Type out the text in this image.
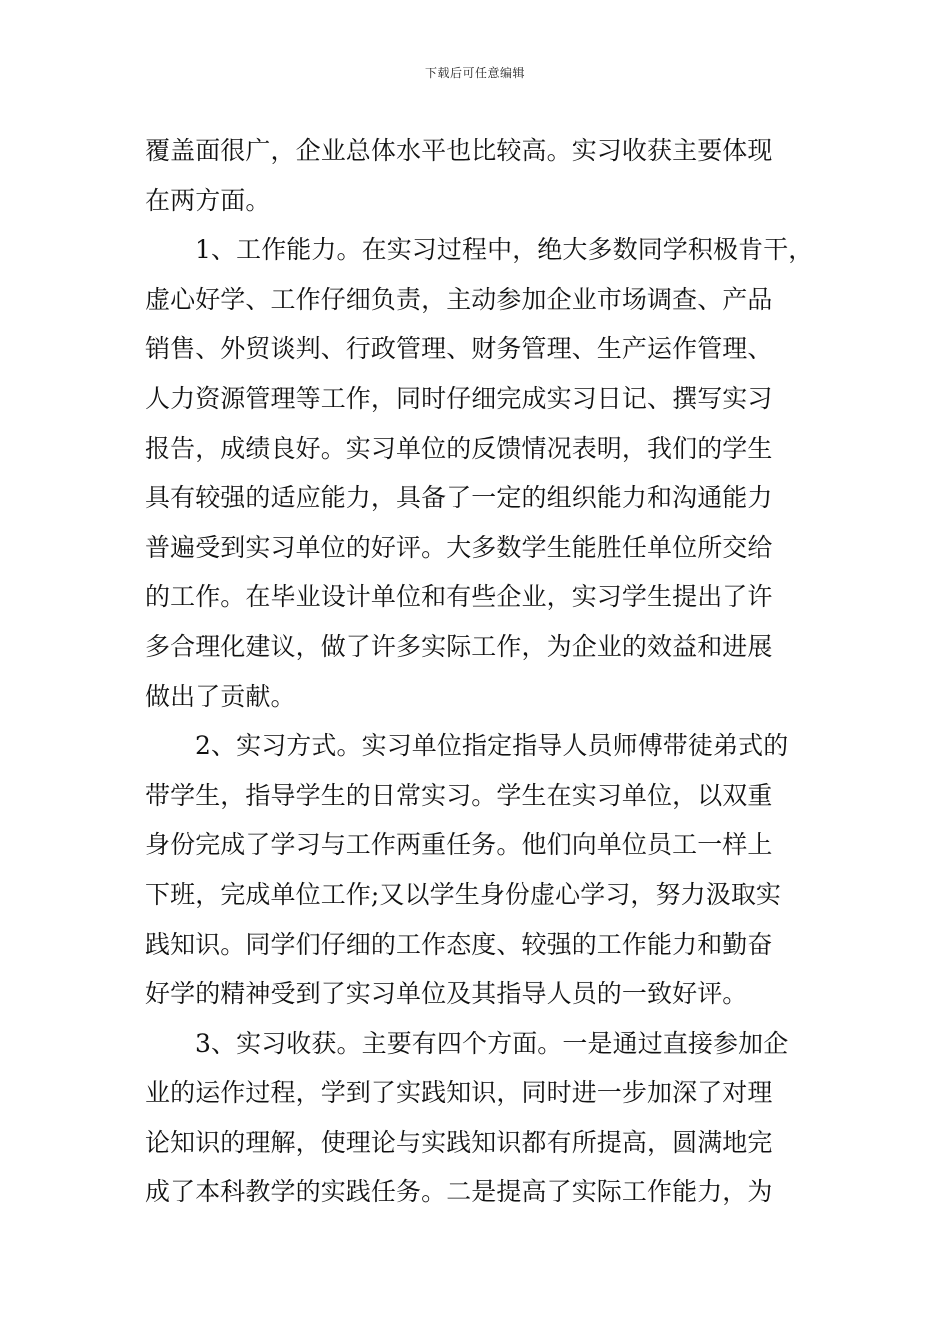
下载后可任意编辑
覆盖面很广，企业总体水平也比较高。实习收获主要体现
在两方面。
1、工作能力。在实习过程中，绝大多数同学积极肯干，
虚心好学、工作仔细负责，主动参加企业市场调查、产品
销售、外贸谈判、行政管理、财务管理、生产运作管理、
人力资源管理等工作，同时仔细完成实习日记、撰写实习
报告，成绩良好。实习单位的反馈情况表明，我们的学生
具有较强的适应能力，具备了一定的组织能力和沟通能力
普遍受到实习单位的好评。大多数学生能胜任单位所交给
的工作。在毕业设计单位和有些企业，实习学生提出了许
多合理化建议，做了许多实际工作，为企业的效益和进展
做出了贡献。
2、实习方式。实习单位指定指导人员师傅带徒弟式的
带学生，指导学生的日常实习。学生在实习单位，以双重
身份完成了学习与工作两重任务。他们向单位员工一样上
下班，完成单位工作;又以学生身份虚心学习，努力汲取实
践知识。同学们仔细的工作态度、较强的工作能力和勤奋
好学的精神受到了实习单位及其指导人员的一致好评。
3、实习收获。主要有四个方面。一是通过直接参加企
业的运作过程，学到了实践知识，同时进一步加深了对理
论知识的理解，使理论与实践知识都有所提高，圆满地完
成了本科教学的实践任务。二是提高了实际工作能力，为
